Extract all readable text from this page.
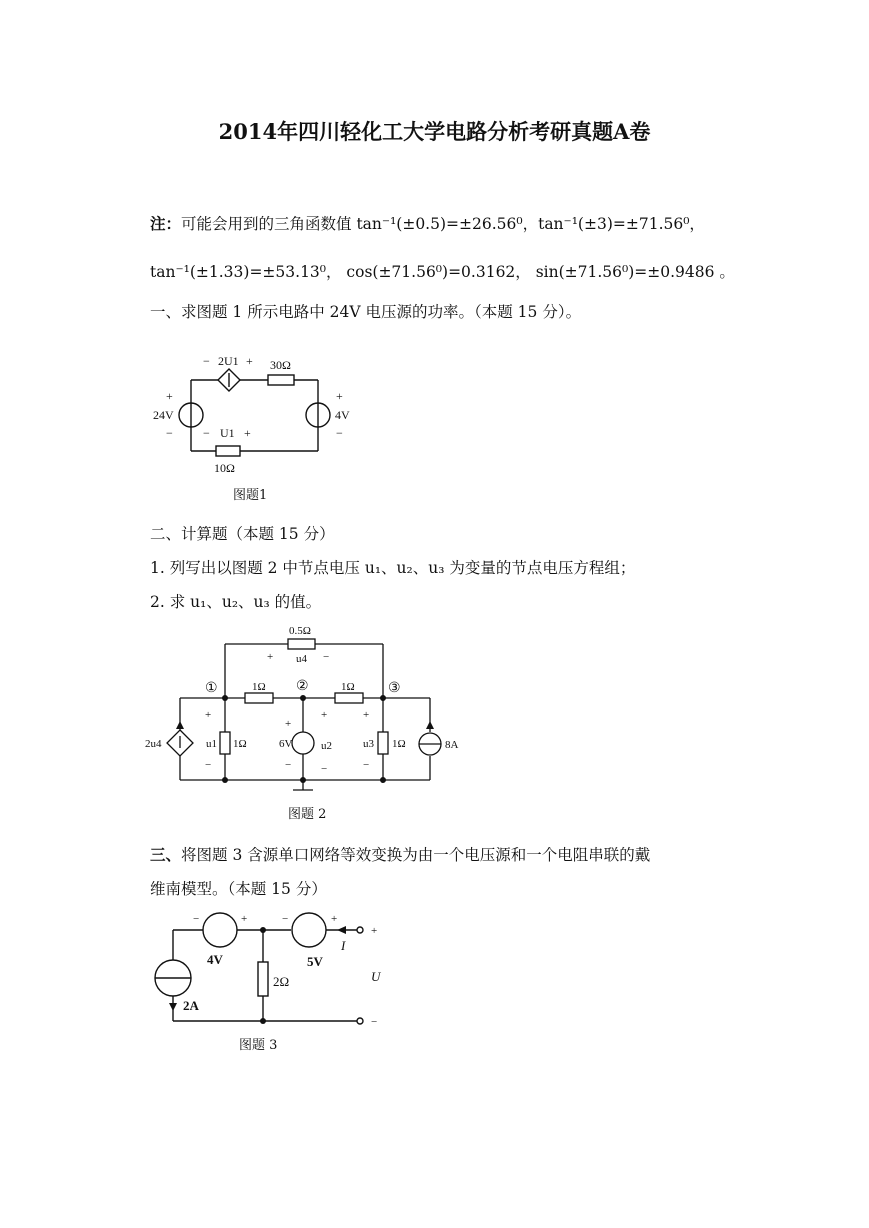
2014年四川轻化工大学电路分析考研真题A卷
注：可能会用到的三角函数值 tan⁻¹(±0.5)=±26.56⁰，tan⁻¹(±3)=±71.56⁰，
tan⁻¹(±1.33)=±53.13⁰， cos(±71.56⁰)=0.3162， sin(±71.56⁰)=±0.9486 。
一、求图题 1 所示电路中 24V 电压源的功率。（本题 15 分）。
− 2U1 + 30Ω
+
24V
−
+
4V
−
− U1 +
10Ω
图题1
二、计算题（本题 15 分）
1. 列写出以图题 2 中节点电压 u₁、u₂、u₃ 为变量的节点电压方程组；
2. 求 u₁、u₂、u₃ 的值。
0.5Ω
+ u4 −
①	②	③
1Ω	1Ω
2u4
+
u1
−
1Ω
+
6V
−
+
u2
−
+
u3
−
1Ω	8A
图题 2
三、将图题 3 含源单口网络等效变换为由一个电压源和一个电阻串联的戴
维南模型。（本题 15 分）
−	+
4V
−	+
5V
2A
2Ω
I
+
U
−
图题 3
